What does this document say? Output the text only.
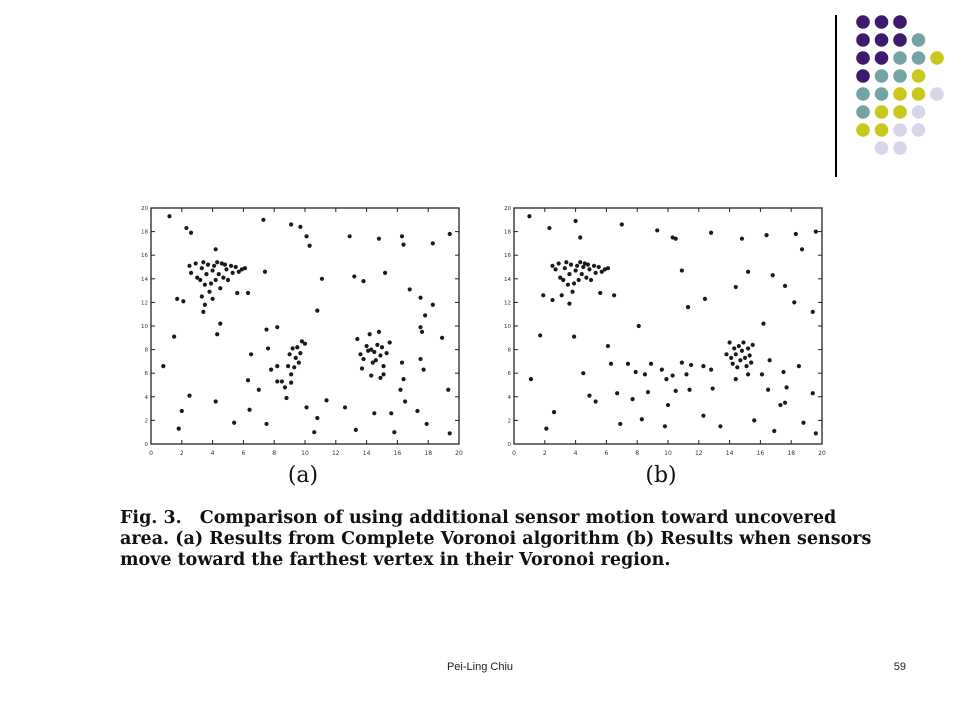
0	2	4	6	8	10	12	14	16	18	20
0
2
4
6
8
10
12
14
16
18
20
0	2	4	6	8	10	12	14	16	18	20
0
2
4
6
8
10
12
14
16
18
20
(a)	(b)
Fig. 3. Comparison of using additional sensor motion toward uncovered
area. (a) Results from Complete Voronoi algorithm (b) Results when sensors
move toward the farthest vertex in their Voronoi region.
Pei-Ling Chiu	59
